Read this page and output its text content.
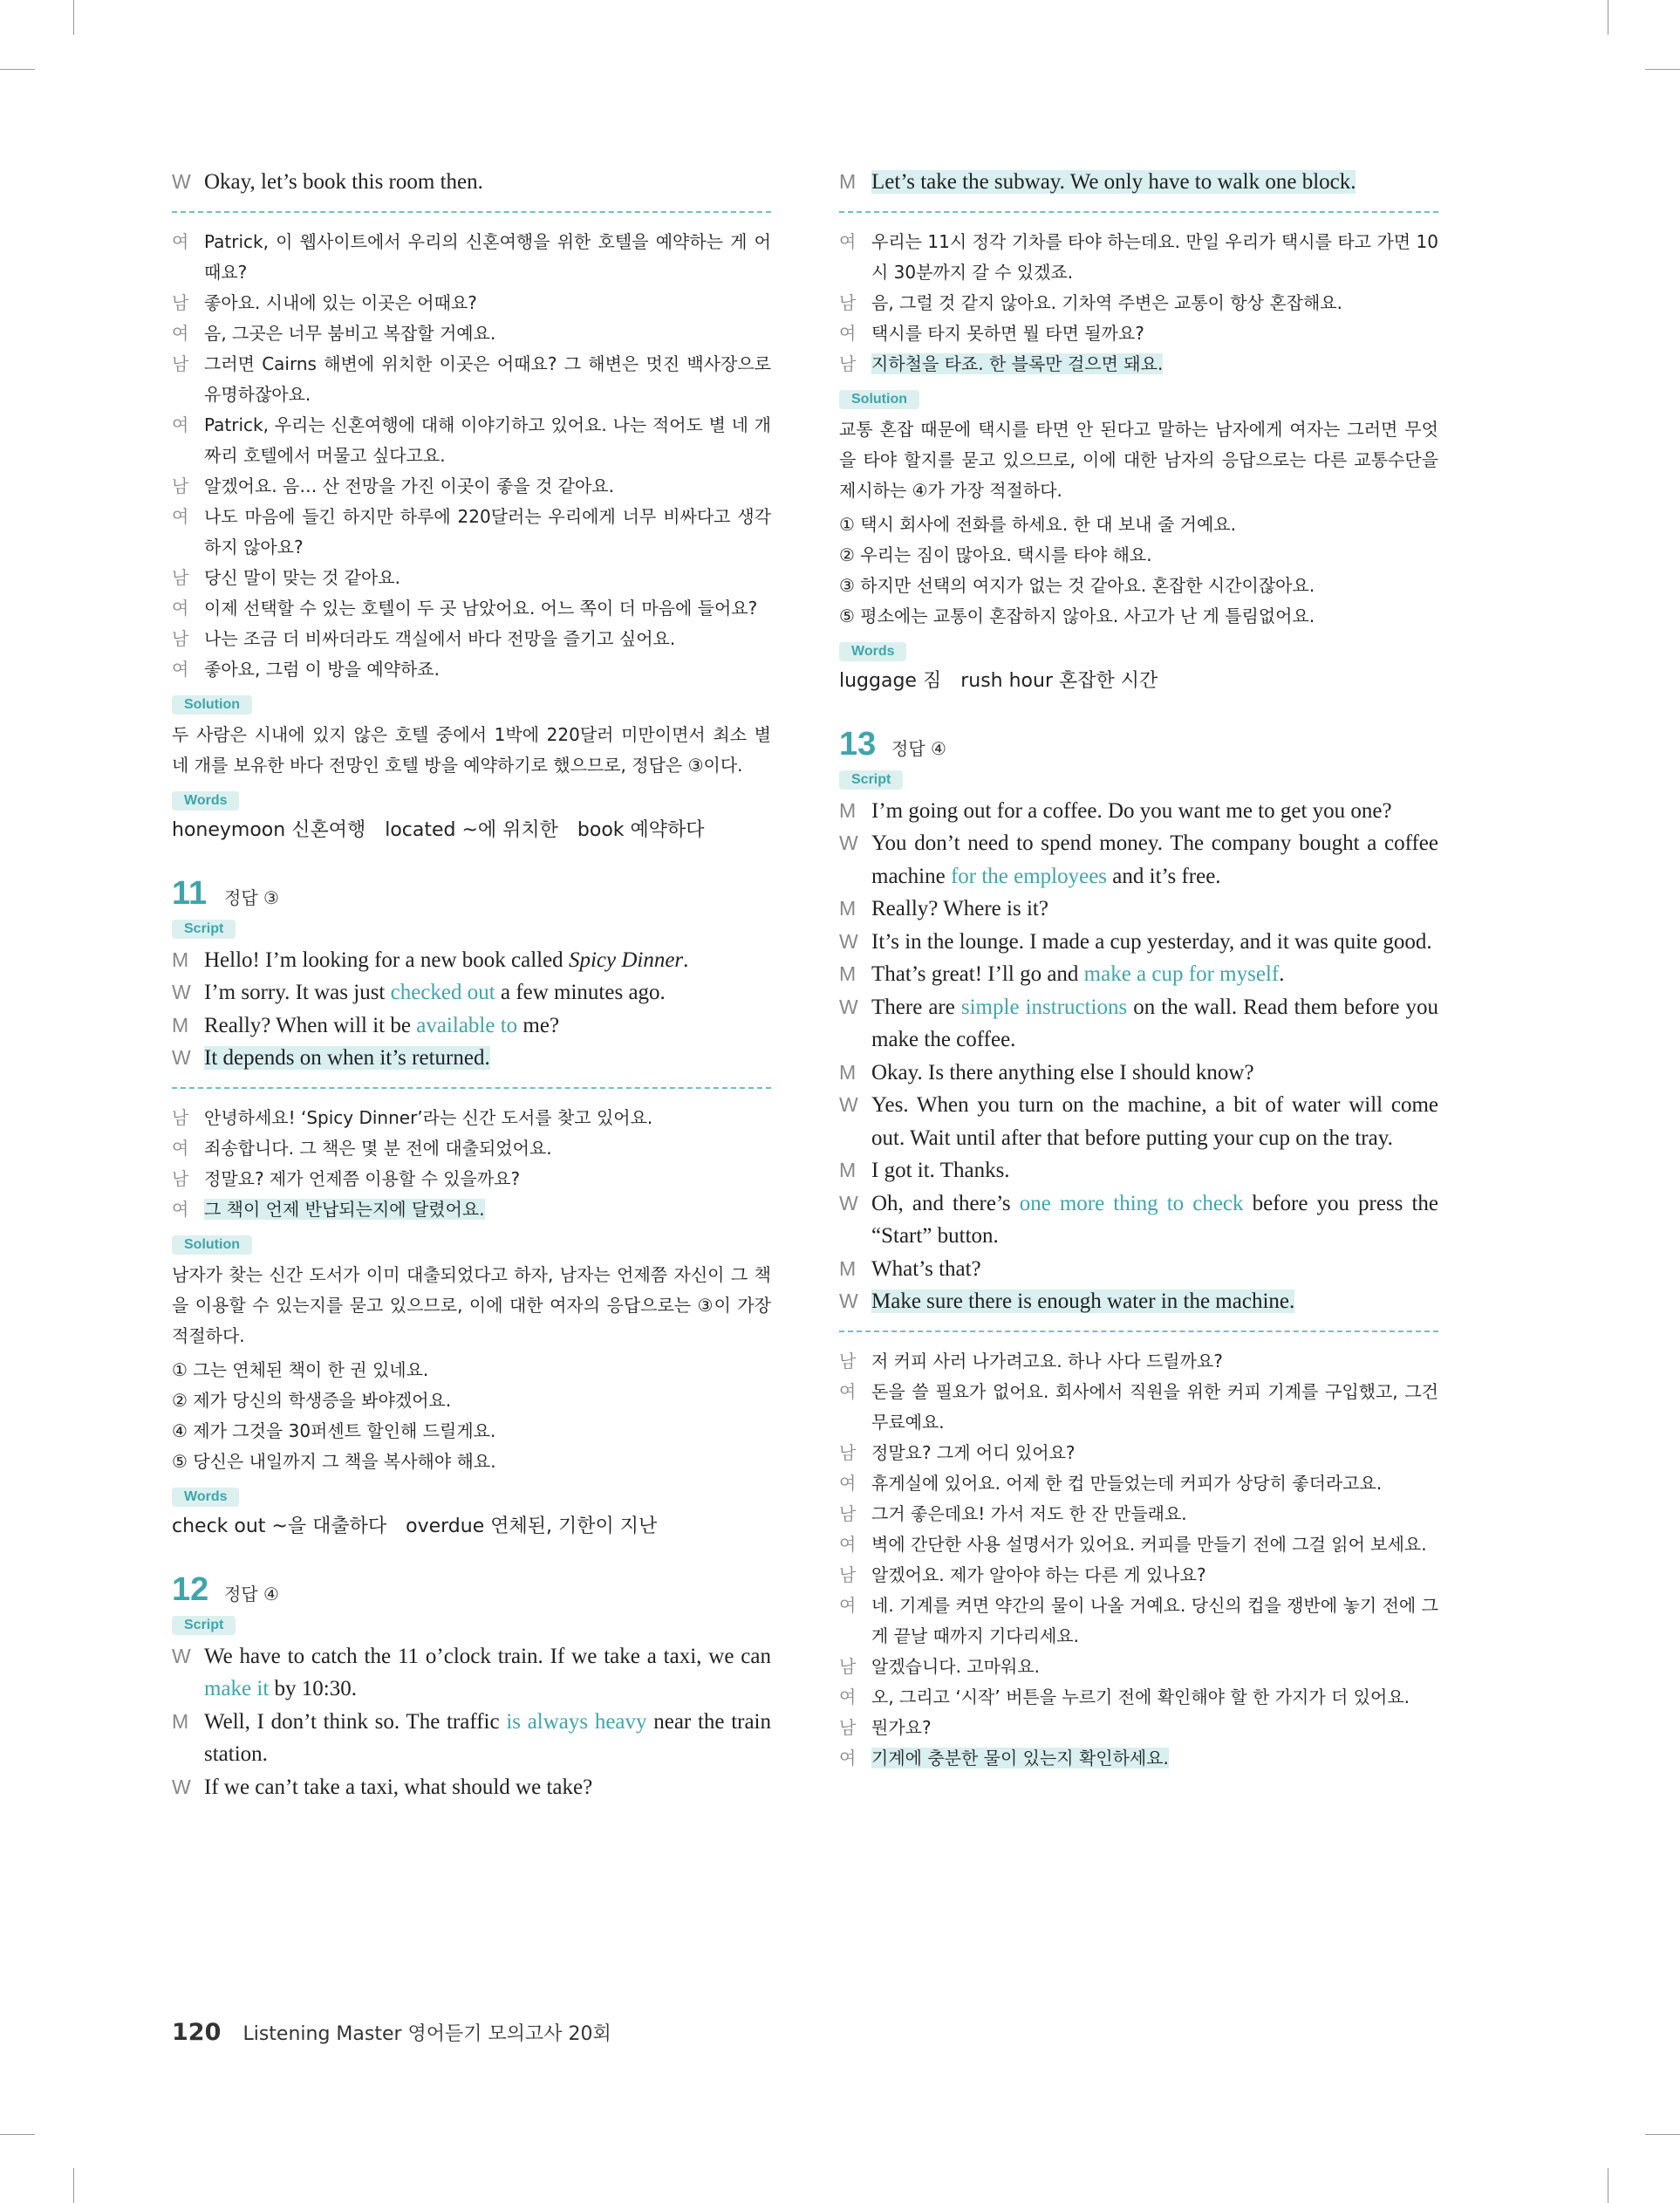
W Okay, let’s book this room then.
여 Patrick, 이 웹사이트에서 우리의 신혼여행을 위한 호텔을 예약하는 게 어때요?
남 좋아요. 시내에 있는 이곳은 어때요?
여 음, 그곳은 너무 붐비고 복잡할 거예요.
남 그러면 Cairns 해변에 위치한 이곳은 어때요? 그 해변은 멋진 백사장으로 유명하잖아요.
여 Patrick, 우리는 신혼여행에 대해 이야기하고 있어요. 나는 적어도 별 네 개짜리 호텔에서 머물고 싶다고요.
남 알겠어요. 음… 산 전망을 가진 이곳이 좋을 것 같아요.
여 나도 마음에 들긴 하지만 하루에 220달러는 우리에게 너무 비싸다고 생각하지 않아요?
남 당신 말이 맞는 것 같아요.
여 이제 선택할 수 있는 호텔이 두 곳 남았어요. 어느 쪽이 더 마음에 들어요?
남 나는 조금 더 비싸더라도 객실에서 바다 전망을 즐기고 싶어요.
여 좋아요, 그럼 이 방을 예약하죠.
Solution
두 사람은 시내에 있지 않은 호텔 중에서 1박에 220달러 미만이면서 최소 별 네 개를 보유한 바다 전망인 호텔 방을 예약하기로 했으므로, 정답은 ③이다.
Words
honeymoon 신혼여행 located ~에 위치한 book 예약하다
11 정답 ③
Script
M Hello! I’m looking for a new book called Spicy Dinner.
W I’m sorry. It was just checked out a few minutes ago.
M Really? When will it be available to me?
W It depends on when it’s returned.
남 안녕하세요! ‘Spicy Dinner’라는 신간 도서를 찾고 있어요.
여 죄송합니다. 그 책은 몇 분 전에 대출되었어요.
남 정말요? 제가 언제쯤 이용할 수 있을까요?
여 그 책이 언제 반납되는지에 달렸어요.
Solution
남자가 찾는 신간 도서가 이미 대출되었다고 하자, 남자는 언제쯤 자신이 그 책을 이용할 수 있는지를 묻고 있으므로, 이에 대한 여자의 응답으로는 ③이 가장 적절하다.
① 그는 연체된 책이 한 권 있네요.
② 제가 당신의 학생증을 봐야겠어요.
④ 제가 그것을 30퍼센트 할인해 드릴게요.
⑤ 당신은 내일까지 그 책을 복사해야 해요.
Words
check out ~을 대출하다 overdue 연체된, 기한이 지난
12 정답 ④
Script
W We have to catch the 11 o’clock train. If we take a taxi, we can make it by 10:30.
M Well, I don’t think so. The traffic is always heavy near the train station.
W If we can’t take a taxi, what should we take?
M Let’s take the subway. We only have to walk one block.
여 우리는 11시 정각 기차를 타야 하는데요. 만일 우리가 택시를 타고 가면 10시 30분까지 갈 수 있겠죠.
남 음, 그럴 것 같지 않아요. 기차역 주변은 교통이 항상 혼잡해요.
여 택시를 타지 못하면 뭘 타면 될까요?
남 지하철을 타죠. 한 블록만 걸으면 돼요.
Solution
교통 혼잡 때문에 택시를 타면 안 된다고 말하는 남자에게 여자는 그러면 무엇을 타야 할지를 묻고 있으므로, 이에 대한 남자의 응답으로는 다른 교통수단을 제시하는 ④가 가장 적절하다.
① 택시 회사에 전화를 하세요. 한 대 보내 줄 거예요.
② 우리는 짐이 많아요. 택시를 타야 해요.
③ 하지만 선택의 여지가 없는 것 같아요. 혼잡한 시간이잖아요.
⑤ 평소에는 교통이 혼잡하지 않아요. 사고가 난 게 틀림없어요.
Words
luggage 짐 rush hour 혼잡한 시간
13 정답 ④
Script
M I’m going out for a coffee. Do you want me to get you one?
W You don’t need to spend money. The company bought a coffee machine for the employees and it’s free.
M Really? Where is it?
W It’s in the lounge. I made a cup yesterday, and it was quite good.
M That’s great! I’ll go and make a cup for myself.
W There are simple instructions on the wall. Read them before you make the coffee.
M Okay. Is there anything else I should know?
W Yes. When you turn on the machine, a bit of water will come out. Wait until after that before putting your cup on the tray.
M I got it. Thanks.
W Oh, and there’s one more thing to check before you press the “Start” button.
M What’s that?
W Make sure there is enough water in the machine.
남 저 커피 사러 나가려고요. 하나 사다 드릴까요?
여 돈을 쓸 필요가 없어요. 회사에서 직원을 위한 커피 기계를 구입했고, 그건 무료예요.
남 정말요? 그게 어디 있어요?
여 휴게실에 있어요. 어제 한 컵 만들었는데 커피가 상당히 좋더라고요.
남 그거 좋은데요! 가서 저도 한 잔 만들래요.
여 벽에 간단한 사용 설명서가 있어요. 커피를 만들기 전에 그걸 읽어 보세요.
남 알겠어요. 제가 알아야 하는 다른 게 있나요?
여 네. 기계를 켜면 약간의 물이 나올 거예요. 당신의 컵을 쟁반에 놓기 전에 그게 끝날 때까지 기다리세요.
남 알겠습니다. 고마워요.
여 오, 그리고 ‘시작’ 버튼을 누르기 전에 확인해야 할 한 가지가 더 있어요.
남 뭔가요?
여 기계에 충분한 물이 있는지 확인하세요.
120 Listening Master 영어듣기 모의고사 20회
